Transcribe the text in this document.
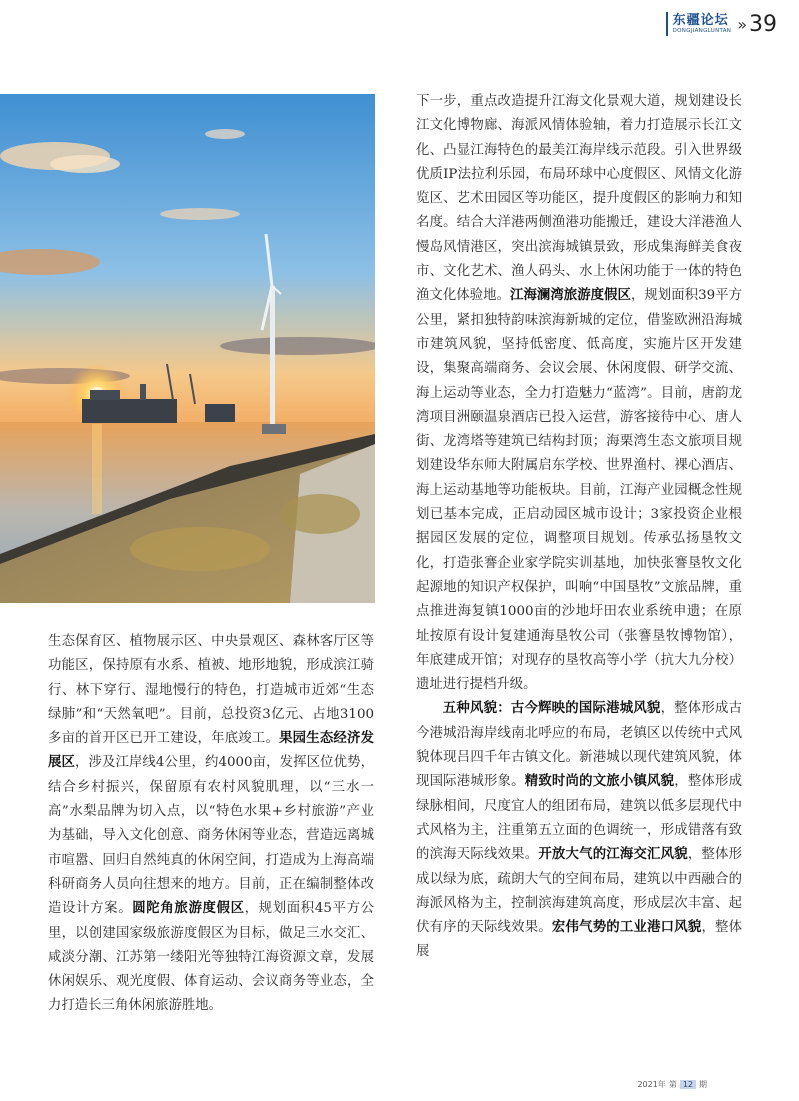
东疆论坛
DONGJIANGLUNTAN » 39

生态保育区、植物展示区、中央景观区、森林客厅区等功能区，保持原有水系、植被、地形地貌，形成滨江骑行、林下穿行、湿地慢行的特色，打造城市近郊“生态绿肺”和“天然氧吧”。目前，总投资3亿元、占地3100多亩的首开区已开工建设，年底竣工。果园生态经济发展区，涉及江岸线4公里，约4000亩，发挥区位优势，结合乡村振兴，保留原有农村风貌肌理，以“三水一高”水梨品牌为切入点，以“特色水果+乡村旅游”产业为基础，导入文化创意、商务休闲等业态，营造远离城市喧嚣、回归自然纯真的休闲空间，打造成为上海高端科研商务人员向往想来的地方。目前，正在编制整体改造设计方案。圆陀角旅游度假区，规划面积45平方公里，以创建国家级旅游度假区为目标，做足三水交汇、咸淡分潮、江苏第一缕阳光等独特江海资源文章，发展休闲娱乐、观光度假、体育运动、会议商务等业态，全力打造长三角休闲旅游胜地。

下一步，重点改造提升江海文化景观大道，规划建设长江文化博物廊、海派风情体验轴，着力打造展示长江文化、凸显江海特色的最美江海岸线示范段。引入世界级优质IP法拉利乐园，布局环球中心度假区、风情文化游览区、艺术田园区等功能区，提升度假区的影响力和知名度。结合大洋港两侧渔港功能搬迁，建设大洋港渔人慢岛风情港区，突出滨海城镇景致，形成集海鲜美食夜市、文化艺术、渔人码头、水上休闲功能于一体的特色渔文化体验地。江海澜湾旅游度假区，规划面积39平方公里，紧扣独特韵味滨海新城的定位，借鉴欧洲沿海城市建筑风貌，坚持低密度、低高度，实施片区开发建设，集聚高端商务、会议会展、休闲度假、研学交流、海上运动等业态，全力打造魅力“蓝湾”。目前，唐韵龙湾项目洲颐温泉酒店已投入运营，游客接待中心、唐人街、龙湾塔等建筑已结构封顶；海栗湾生态文旅项目规划建设华东师大附属启东学校、世界渔村、裸心酒店、海上运动基地等功能板块。目前，江海产业园概念性规划已基本完成，正启动园区城市设计；3家投资企业根据园区发展的定位，调整项目规划。传承弘扬垦牧文化，打造张謇企业家学院实训基地，加快张謇垦牧文化起源地的知识产权保护，叫响“中国垦牧”文旅品牌，重点推进海复镇1000亩的沙地圩田农业系统申遗；在原址按原有设计复建通海垦牧公司（张謇垦牧博物馆），年底建成开馆；对现存的垦牧高等小学（抗大九分校）遗址进行提档升级。

五种风貌：古今辉映的国际港城风貌，整体形成古今港城沿海岸线南北呼应的布局，老镇区以传统中式风貌体现吕四千年古镇文化。新港城以现代建筑风貌，体现国际港城形象。精致时尚的文旅小镇风貌，整体形成绿脉相间，尺度宜人的组团布局，建筑以低多层现代中式风格为主，注重第五立面的色调统一，形成错落有致的滨海天际线效果。开放大气的江海交汇风貌，整体形成以绿为底，疏朗大气的空间布局，建筑以中西融合的海派风格为主，控制滨海建筑高度，形成层次丰富、起伏有序的天际线效果。宏伟气势的工业港口风貌，整体展

2021年 第 12 期
